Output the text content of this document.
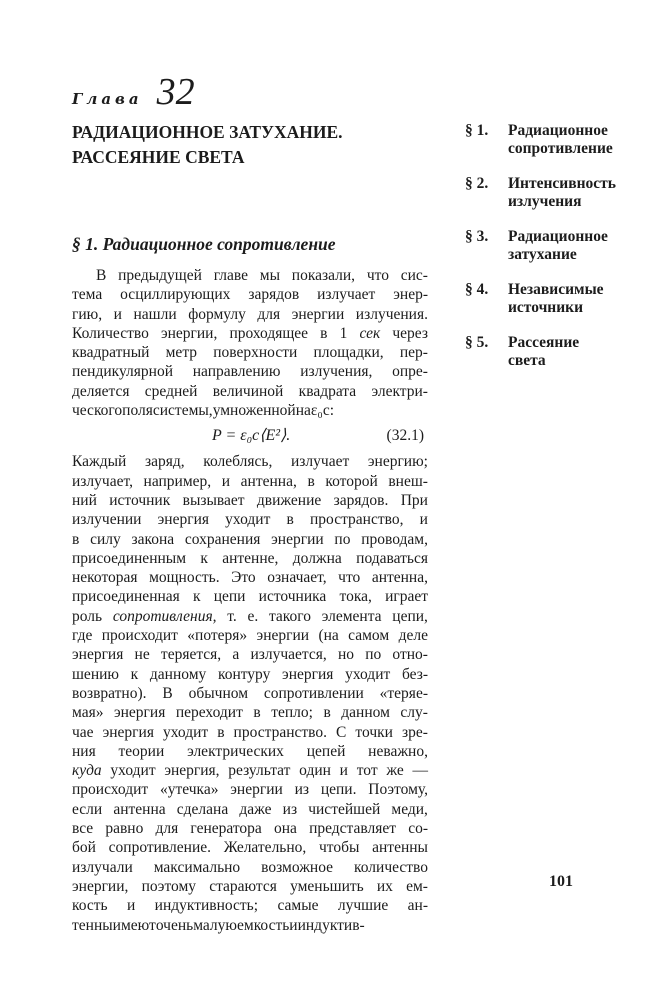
Глава 32
РАДИАЦИОННОЕ ЗАТУХАНИЕ.
РАССЕЯНИЕ СВЕТА
§ 1.	Радиационное
сопротивление
§ 2.	Интенсивность
излучения
§ 3.	Радиационное
затухание
§ 4.	Независимые
источники
§ 5.	Рассеяние
света
§ 1. Радиационное сопротивление
В предыдущей главе мы показали, что сис-
тема осциллирующих зарядов излучает энер-
гию, и нашли формулу для энергии излучения.
Количество энергии, проходящее в 1 сек через
квадратный метр поверхности площадки, пер-
пендикулярной направлению излучения, опре-
деляется средней величиной квадрата электри-
ческого поля системы, умноженной на ε₀c:
P = ε₀c⟨E²⟩.	(32.1)
Каждый заряд, колеблясь, излучает энергию;
излучает, например, и антенна, в которой внеш-
ний источник вызывает движение зарядов. При
излучении энергия уходит в пространство, и
в силу закона сохранения энергии по проводам,
присоединенным к антенне, должна подаваться
некоторая мощность. Это означает, что антенна,
присоединенная к цепи источника тока, играет
роль сопротивления, т. е. такого элемента цепи,
где происходит «потеря» энергии (на самом деле
энергия не теряется, а излучается, но по отно-
шению к данному контуру энергия уходит без-
возвратно). В обычном сопротивлении «теряе-
мая» энергия переходит в тепло; в данном слу-
чае энергия уходит в пространство. С точки зре-
ния теории электрических цепей неважно,
куда уходит энергия, результат один и тот же —
происходит «утечка» энергии из цепи. Поэтому,
если антенна сделана даже из чистейшей меди,
все равно для генератора она представляет со-
бой сопротивление. Желательно, чтобы антенны
излучали максимально возможное количество
энергии, поэтому стараются уменьшить их ем-
кость и индуктивность; самые лучшие ан-
тенны имеют очень малую емкость и индуктив-
101
